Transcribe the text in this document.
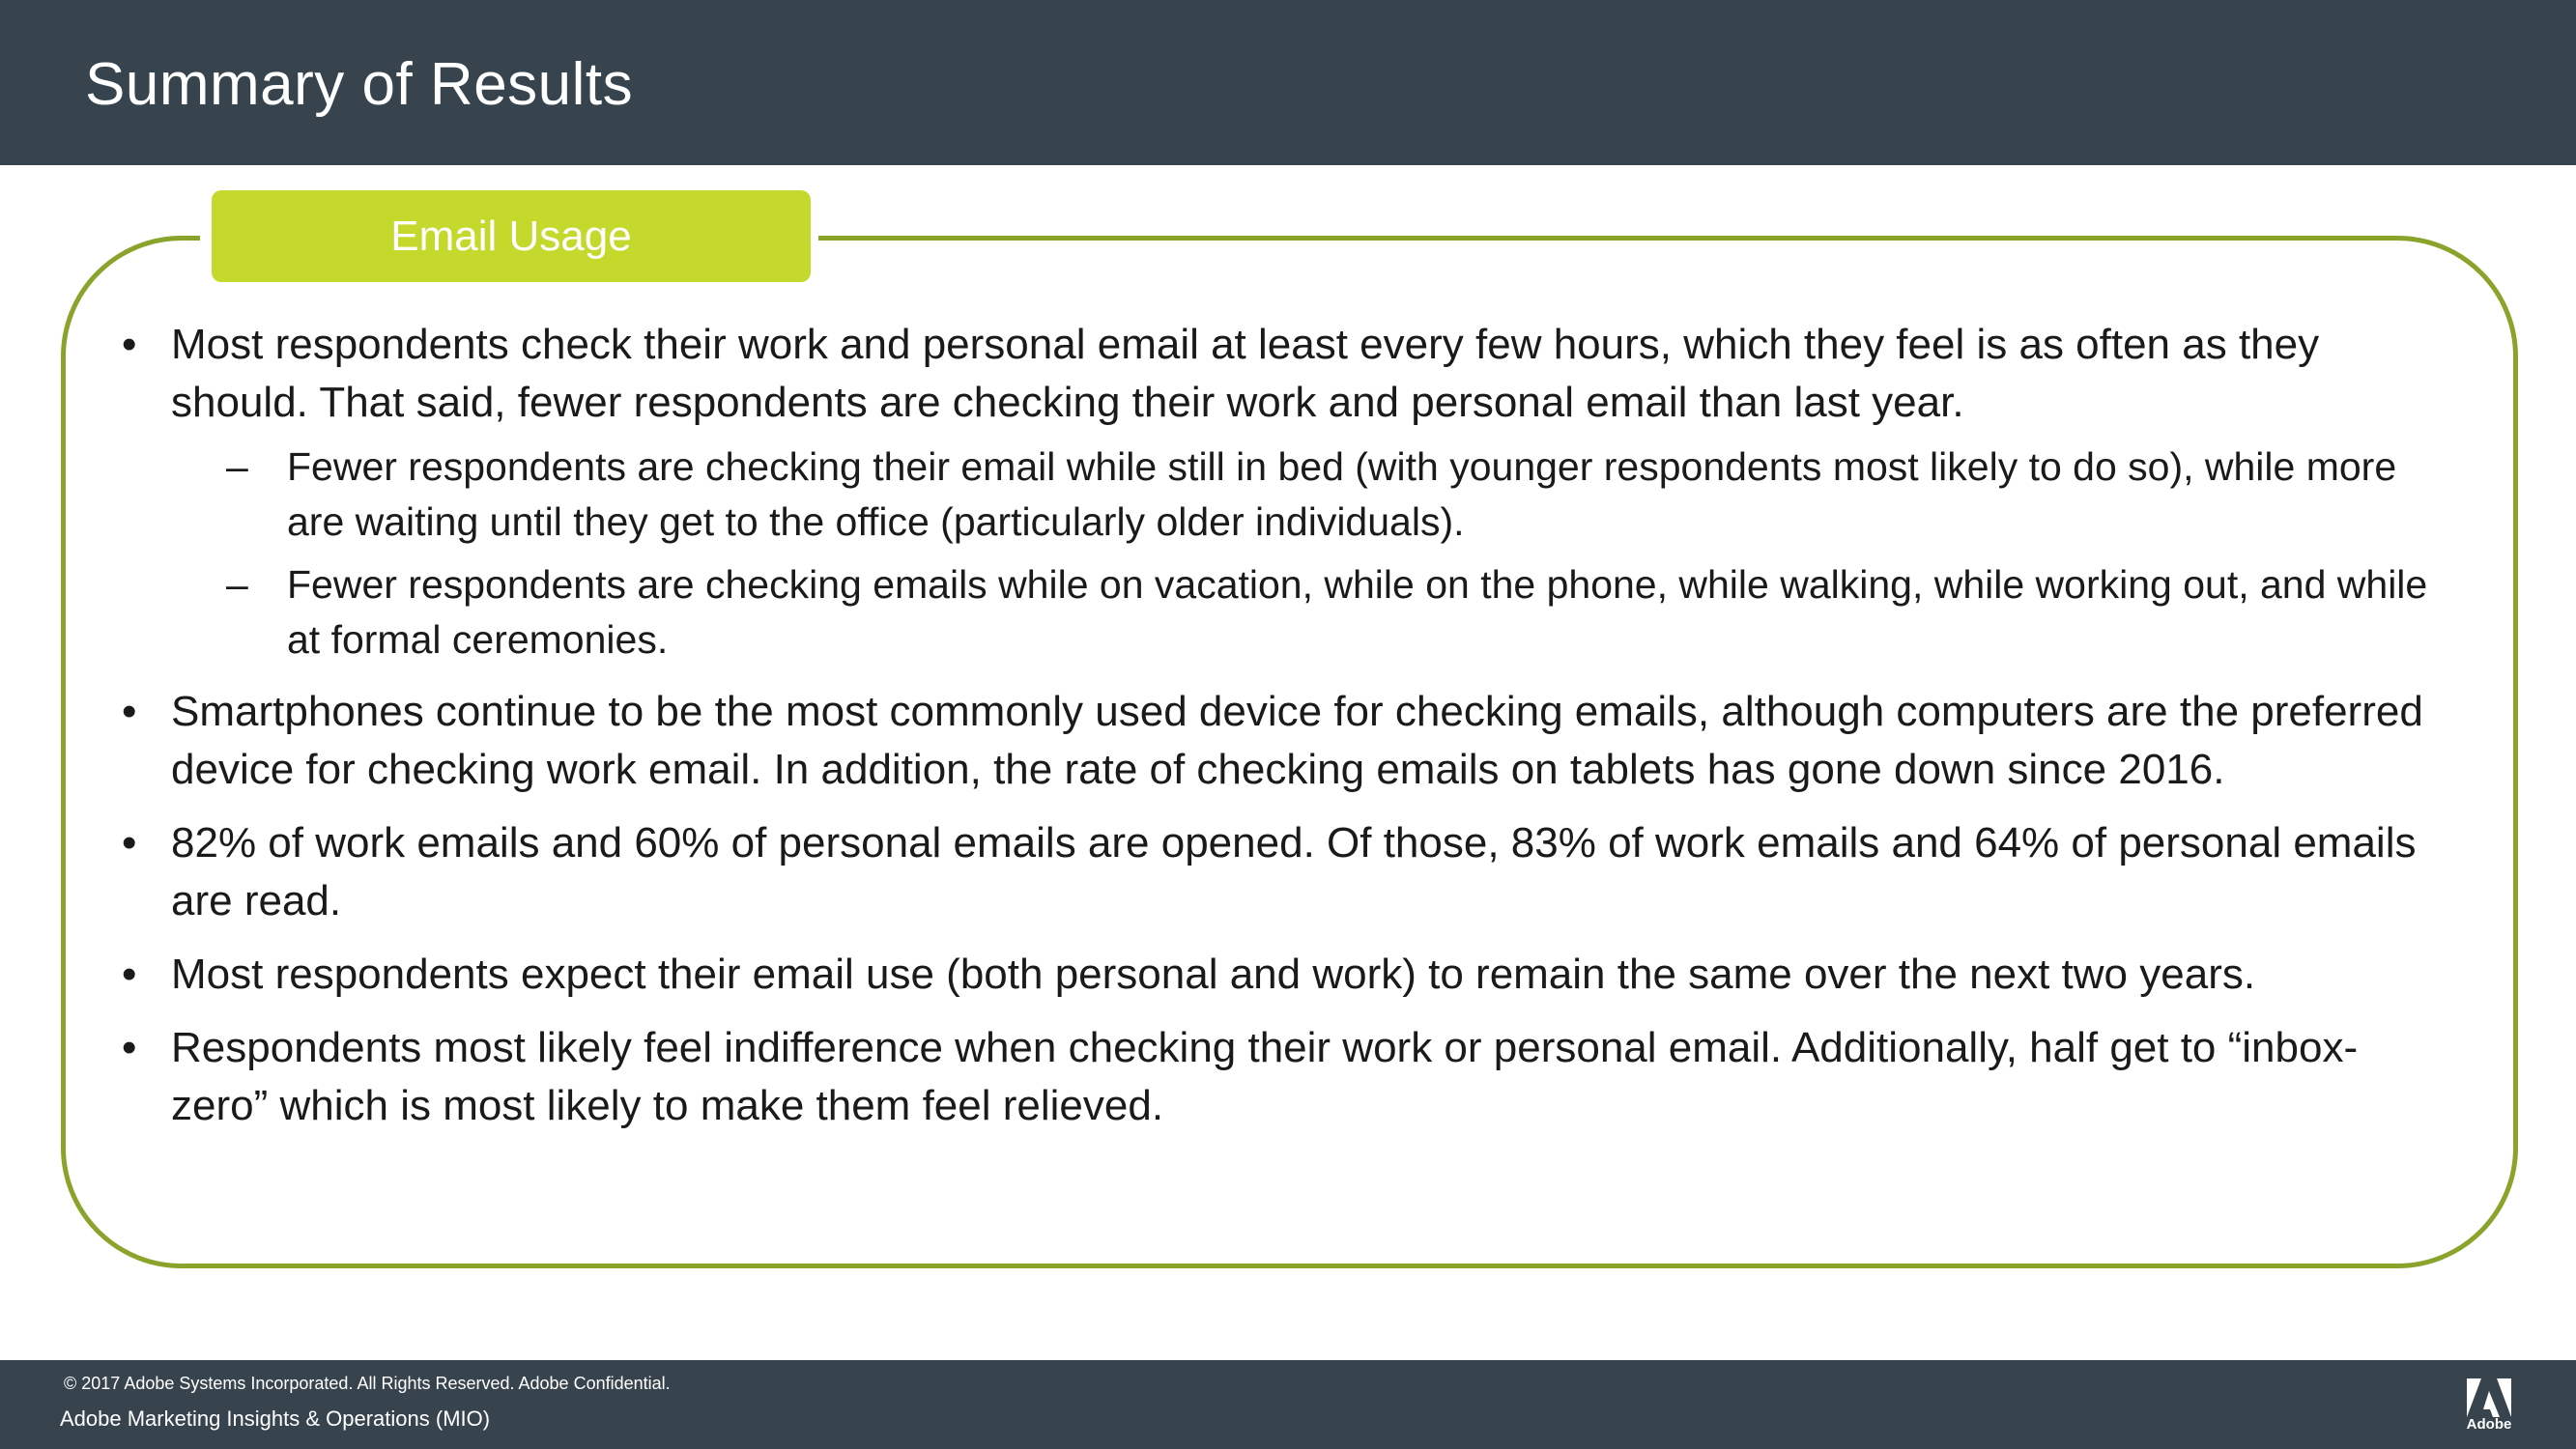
Summary of Results
Email Usage
• Most respondents check their work and personal email at least every few hours, which they feel is as often as they should. That said, fewer respondents are checking their work and personal email than last year.
– Fewer respondents are checking their email while still in bed (with younger respondents most likely to do so), while more are waiting until they get to the office (particularly older individuals).
– Fewer respondents are checking emails while on vacation, while on the phone, while walking, while working out, and while at formal ceremonies.
• Smartphones continue to be the most commonly used device for checking emails, although computers are the preferred device for checking work email. In addition, the rate of checking emails on tablets has gone down since 2016.
• 82% of work emails and 60% of personal emails are opened. Of those, 83% of work emails and 64% of personal emails are read.
• Most respondents expect their email use (both personal and work) to remain the same over the next two years.
• Respondents most likely feel indifference when checking their work or personal email. Additionally, half get to “inbox-zero” which is most likely to make them feel relieved.
© 2017 Adobe Systems Incorporated. All Rights Reserved. Adobe Confidential.
Adobe Marketing Insights & Operations (MIO)	Adobe
